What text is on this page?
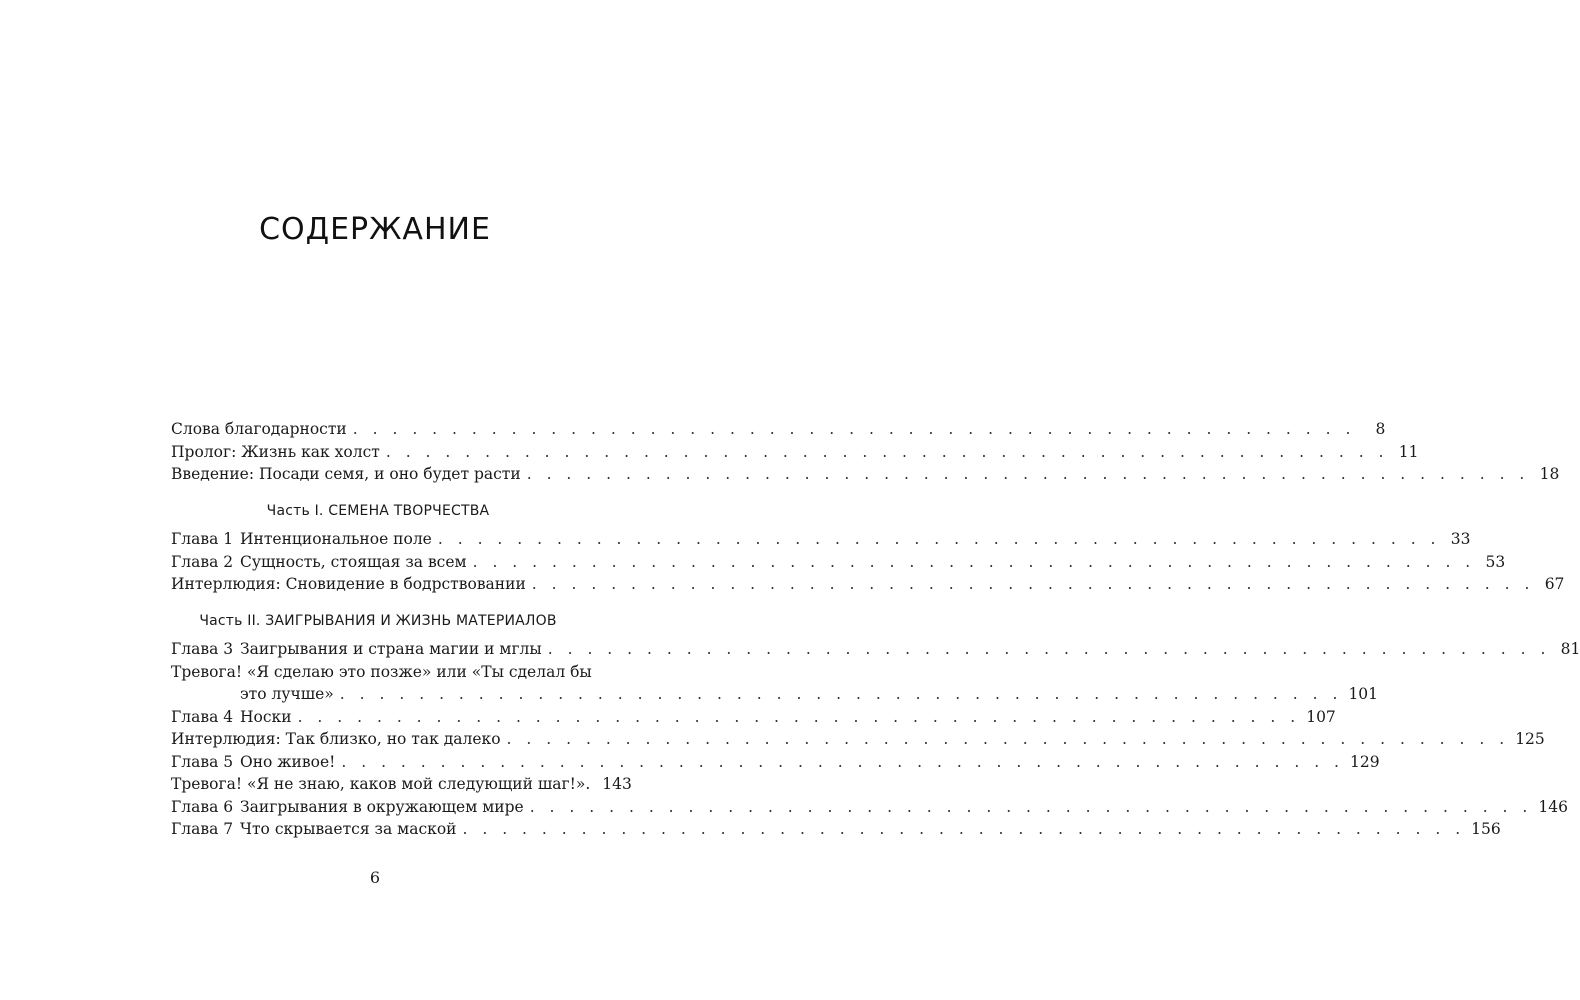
СОДЕРЖАНИЕ
Слова благодарности . . . . . . . . . . . . . . . . . . . . . . . . . . . . . . . . . . . . . . . . . . . . . . . . . . .	8
Пролог: Жизнь как холст . . . . . . . . . . . . . . . . . . . . . . . . . . . . . . . . . . . . . . . . . . . . . . . . . . . 11
Введение: Посади семя, и оно будет расти . . . . . . . . . . . . . . . . . . . . . . . . . . . . . . . . . . . . . . . . . . . . . . . . . . . 18
Часть I. СЕМЕНА ТВОРЧЕСТВА
Глава 1 Интенциональное поле . . . . . . . . . . . . . . . . . . . . . . . . . . . . . . . . . . . . . . . . . . . . . . . . . . . 33
Глава 2 Сущность, стоящая за всем . . . . . . . . . . . . . . . . . . . . . . . . . . . . . . . . . . . . . . . . . . . . . . . . . . . 53
Интерлюдия: Сновидение в бодрствовании . . . . . . . . . . . . . . . . . . . . . . . . . . . . . . . . . . . . . . . . . . . . . . . . . . . 67
Часть II. ЗАИГРЫВАНИЯ И ЖИЗНЬ МАТЕРИАЛОВ
Глава 3 Заигрывания и страна магии и мглы . . . . . . . . . . . . . . . . . . . . . . . . . . . . . . . . . . . . . . . . . . . . . . . . . . . 81
Тревога! «Я сделаю это позже» или «Ты сделал бы
это лучше» . . . . . . . . . . . . . . . . . . . . . . . . . . . . . . . . . . . . . . . . . . . . . . . . . . . 101
Глава 4 Носки . . . . . . . . . . . . . . . . . . . . . . . . . . . . . . . . . . . . . . . . . . . . . . . . . . . 107
Интерлюдия: Так близко, но так далеко . . . . . . . . . . . . . . . . . . . . . . . . . . . . . . . . . . . . . . . . . . . . . . . . . . . 125
Глава 5 Оно живое! . . . . . . . . . . . . . . . . . . . . . . . . . . . . . . . . . . . . . . . . . . . . . . . . . . . 129
Тревога! «Я не знаю, каков мой следующий шаг!». 143
Глава 6 Заигрывания в окружающем мире . . . . . . . . . . . . . . . . . . . . . . . . . . . . . . . . . . . . . . . . . . . . . . . . . . . 146
Глава 7 Что скрывается за маской . . . . . . . . . . . . . . . . . . . . . . . . . . . . . . . . . . . . . . . . . . . . . . . . . . . 156
6
